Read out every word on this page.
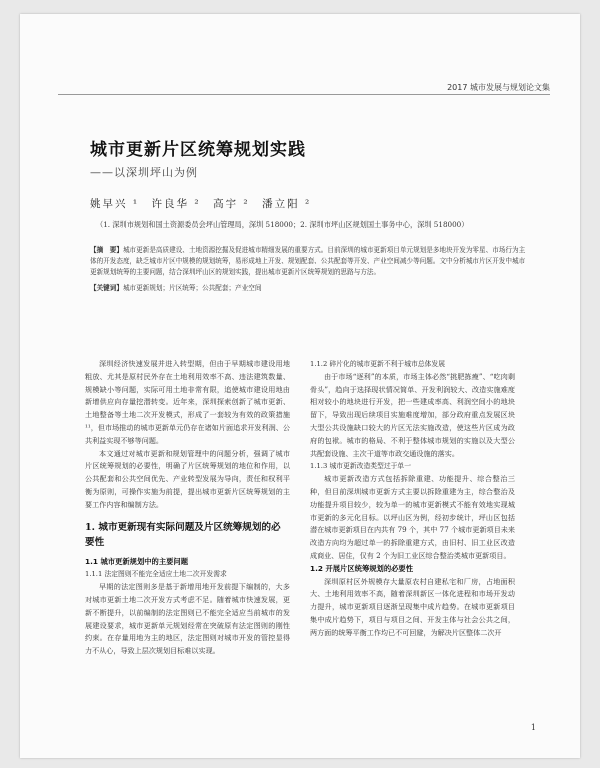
2017 城市发展与规划论文集
城市更新片区统筹规划实践
——以深圳坪山为例
姚早兴 ¹　许良华 ²　高宇 ²　潘立阳 ²
（1. 深圳市规划和国土资源委员会坪山管理局，深圳 518000；2. 深圳市坪山区规划国土事务中心，深圳 518000）

【摘　要】城市更新是高质建设、土地资源挖掘及促进城市精细发展的重要方式。目前深圳的城市更新项目单元规划是多地块开发为零星、市场行为主体的开发态度，缺乏城市片区中规模的规划统筹，易形成地上开发、规划配套、公共配套等开发、产业空间减少等问题。文中分析城市片区开发中城市更新规划统筹的主要问题，结合深圳坪山区的规划实践，提出城市更新片区统筹规划的思路与方法。

【关键词】城市更新规划；片区统筹；公共配套；产业空间

深圳经济快速发展并进入转型期，但由于早期城市建设用地粗放、尤其是原村民外存在土地利用效率不高、违法建筑数量、规模缺小等问题，实际可用土地非常有限，追使城市建设用地由新增供应向存量挖潜转变。近年来，深圳探索创新了城市更新、土地整备等土地二次开发模式，形成了一套较为有效的政策措施¹¹，但市场推动的城市更新单元仍存在诸如片面追求开发利润、公共利益实现不够等问题。

本文通过对城市更新和规划管理中的问题分析，强调了城市片区统筹规划的必要性，明确了片区统筹规划的地位和作用，以公共配套和公共空间优先、产业转型发展为导向，责任和权利平衡为原则，可操作实施为前提，提出城市更新片区统筹规划的主要工作内容和编制方法。

1. 城市更新现有实际问题及片区统筹规划的必要性
1.1 城市更新规划中的主要问题
1.1.1 法定图则不能完全适应土地二次开发需求

早期的法定图则多是基于新增用地开发前提下编制的，大多对城市更新土地二次开发方式考虑不足。随着城市快速发展，更新不断提升，以前编制的法定图则已不能完全适应当前城市的发展建设要求，城市更新单元规划经常在突破原有法定图则的刚性约束。在存量用地为主的地区，法定图则对城市开发的管控显得力不从心，导致上层次规划目标难以实现。

1.1.2 碎片化的城市更新不利于城市总体发展

由于市场“逐利”的本质，市场主体必然“挑肥拣瘦”、“吃肉剩骨头”，趋向于选择现状情况简单、开发利润较大、改造实施难度相对较小的地块进行开发，把一些建成率高、利润空间小的地块留下，导致出现后续项目实施难度增加，部分政府重点发展区块大型公共设施缺口较大的片区无法实施改造，使这些片区成为政府的包袱。城市的格局、不利于整体城市规划的实施以及大型公共配套设施、主次干道等市政交通设施的落实。

1.1.3 城市更新改造类型过于单一

城市更新改造方式包括拆除重建、功能提升、综合整治三种，但目前深圳城市更新方式主要以拆除重建为主，综合整治及功能提升项目较少，较为单一的城市更新模式不能有效地实现城市更新的多元化目标。以坪山区为例，经初步统计，坪山区包括潜在城市更新项目在内共有 79 个，其中 77 个城市更新项目未来改造方向均为超过单一的拆除重建方式，由旧村、旧工业区改造成商业、居住，仅有 2 个为旧工业区综合整治类城市更新项目。

1.2 开展片区统筹规划的必要性

深圳原村区外规模存大量原农村自建私宅和厂房，占地面积大、土地利用效率不高，随着深圳新区一体化进程和市场开发动力提升，城市更新项目逐渐呈现集中成片趋势。在城市更新项目集中成片趋势下，项目与项目之间、开发主体与社会公共之间，两方面的统筹平衡工作均已不可回避，为解决片区整体二次开

1
